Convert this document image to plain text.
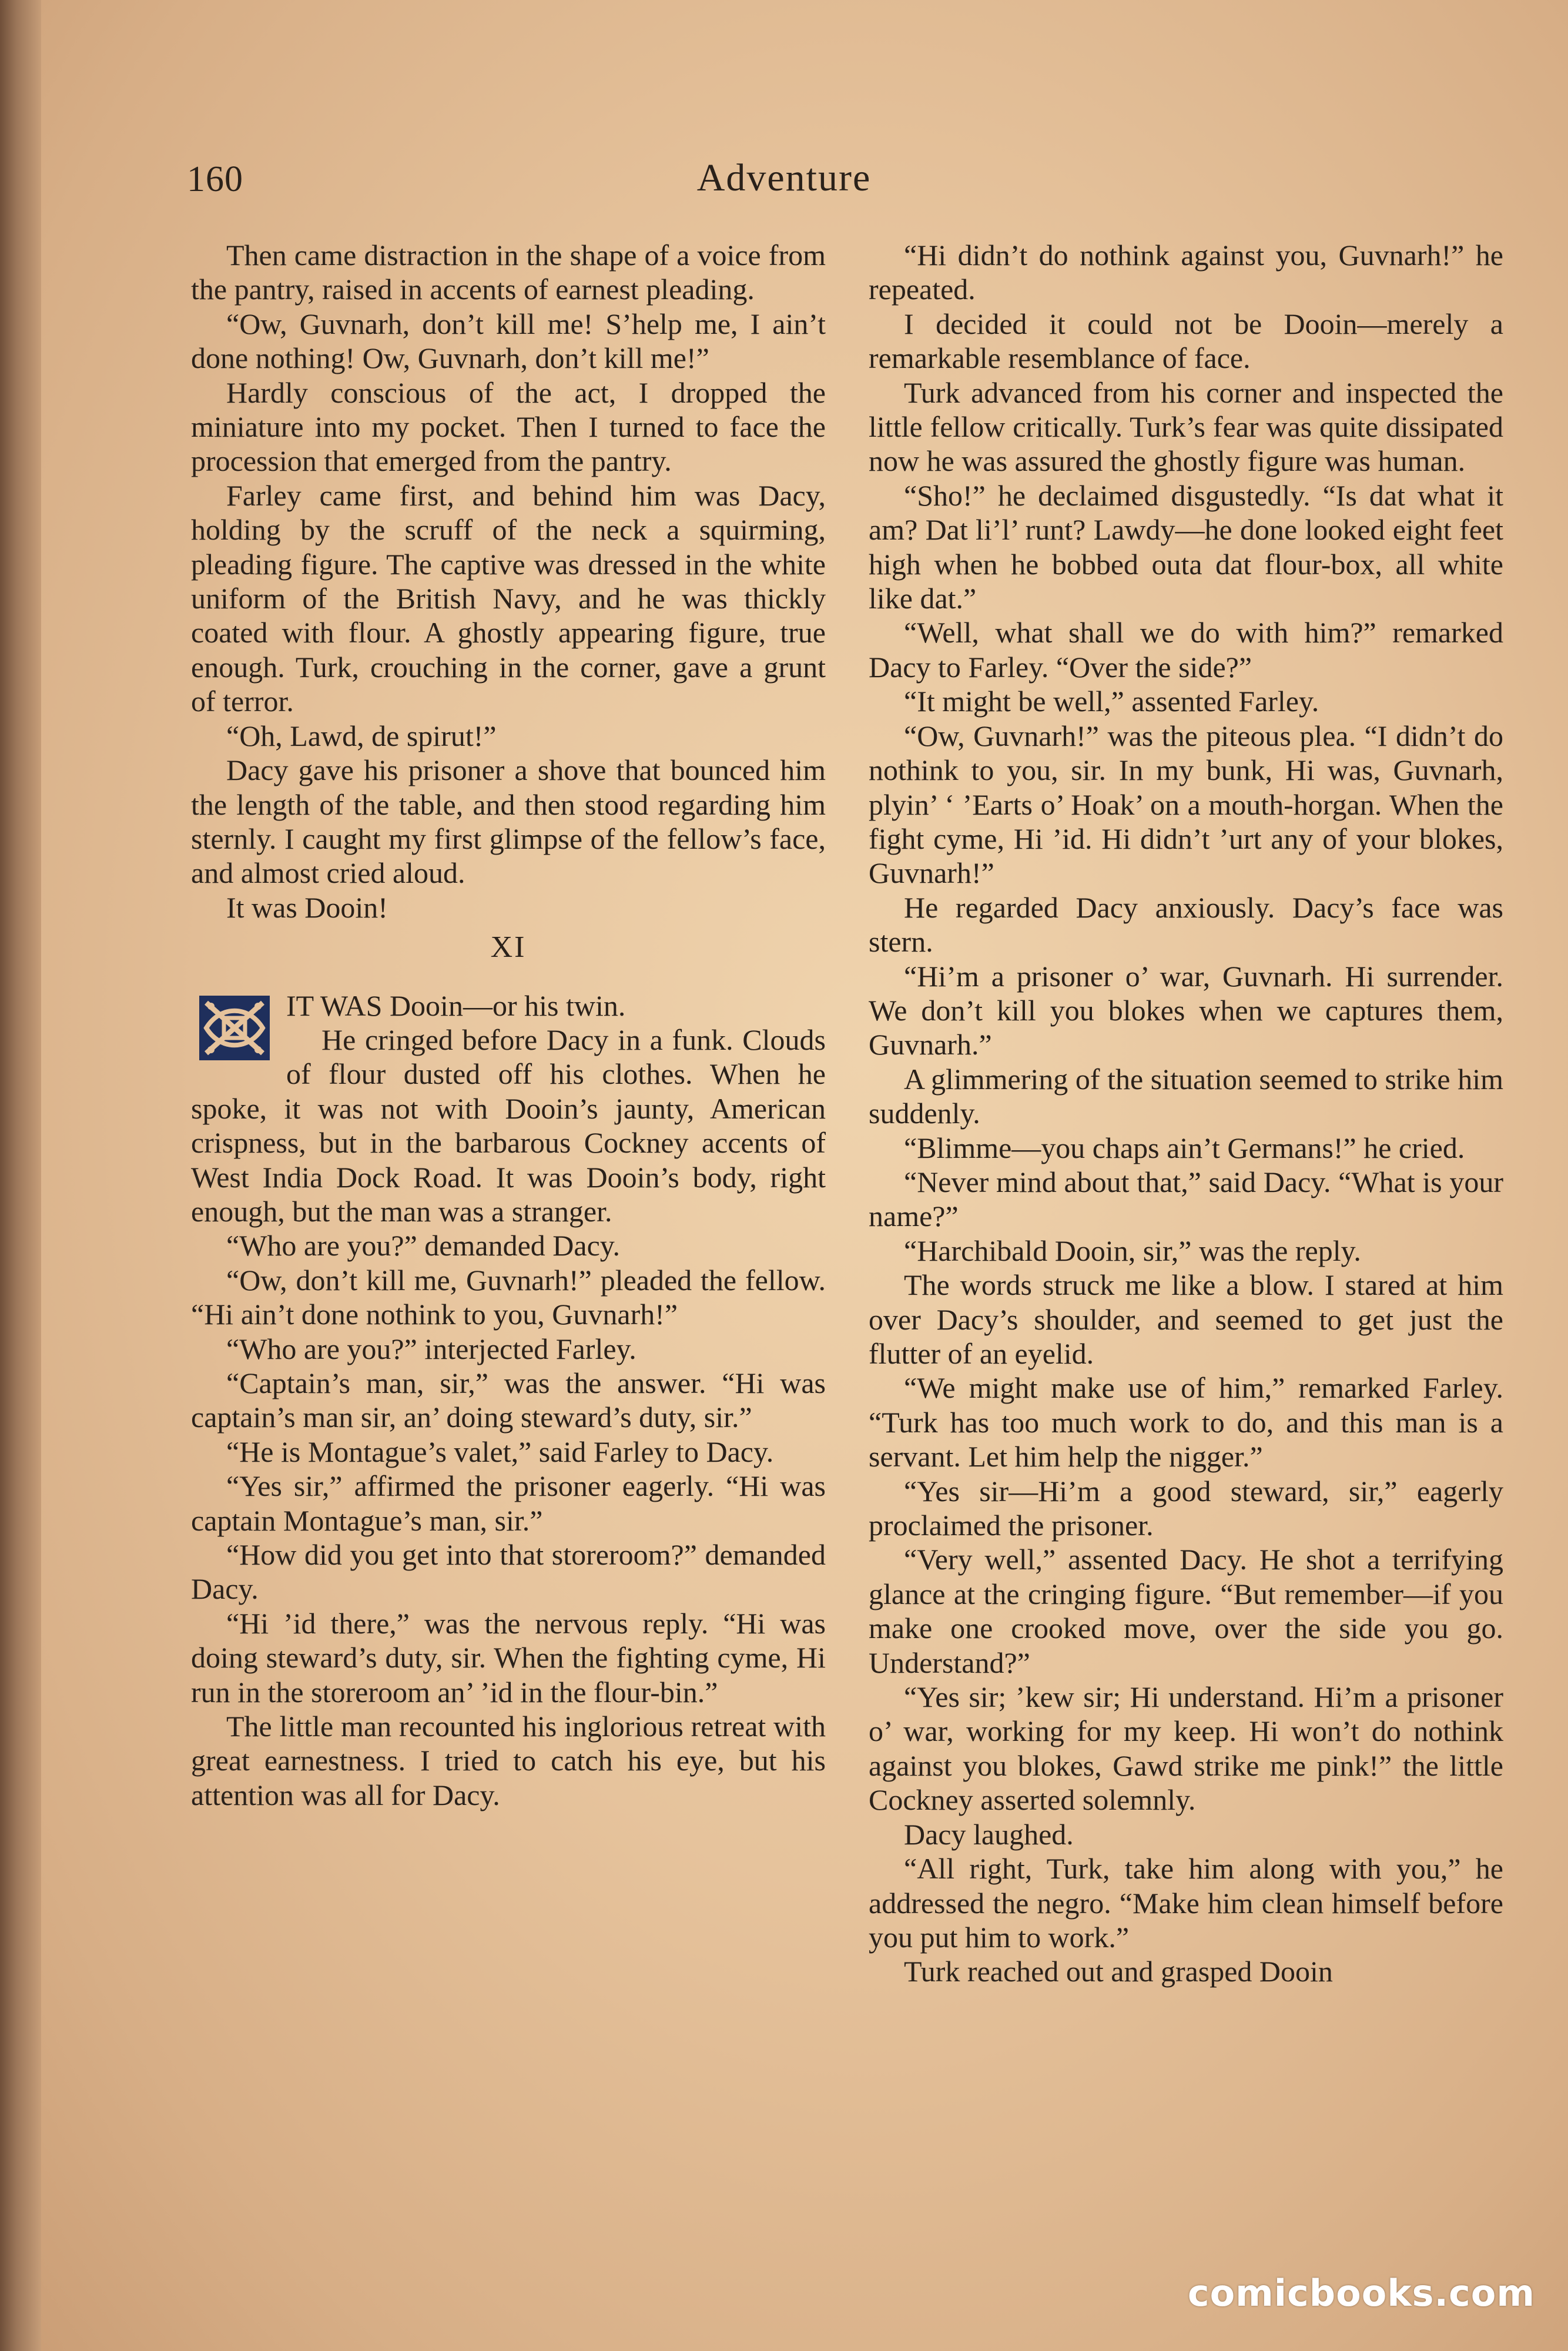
160	Adventure

Then came distraction in the shape of a voice from the pantry, raised in accents of earnest pleading.

“Ow, Guvnarh, don’t kill me! S’help me, I ain’t done nothing! Ow, Guvnarh, don’t kill me!”

Hardly conscious of the act, I dropped the miniature into my pocket. Then I turned to face the procession that emerged from the pantry.

Farley came first, and behind him was Dacy, holding by the scruff of the neck a squirming, pleading figure. The captive was dressed in the white uniform of the British Navy, and he was thickly coated with flour. A ghostly appearing figure, true enough. Turk, crouching in the corner, gave a grunt of terror.

“Oh, Lawd, de spirut!”

Dacy gave his prisoner a shove that bounced him the length of the table, and then stood regarding him sternly. I caught my first glimpse of the fellow’s face, and almost cried aloud.

It was Dooin!

XI

IT WAS Dooin—or his twin.

He cringed before Dacy in a funk. Clouds of flour dusted off his clothes. When he spoke, it was not with Dooin’s jaunty, American crispness, but in the barbarous Cockney accents of West India Dock Road. It was Dooin’s body, right enough, but the man was a stranger.

“Who are you?” demanded Dacy.

“Ow, don’t kill me, Guvnarh!” pleaded the fellow. “Hi ain’t done nothink to you, Guvnarh!”

“Who are you?” interjected Farley.

“Captain’s man, sir,” was the answer. “Hi was captain’s man sir, an’ doing steward’s duty, sir.”

“He is Montague’s valet,” said Farley to Dacy.

“Yes sir,” affirmed the prisoner eagerly. “Hi was captain Montague’s man, sir.”

“How did you get into that storeroom?” demanded Dacy.

“Hi ’id there,” was the nervous reply. “Hi was doing steward’s duty, sir. When the fighting cyme, Hi run in the storeroom an’ ’id in the flour-bin.”

The little man recounted his inglorious retreat with great earnestness. I tried to catch his eye, but his attention was all for Dacy.

“Hi didn’t do nothink against you, Guvnarh!” he repeated.

I decided it could not be Dooin—merely a remarkable resemblance of face.

Turk advanced from his corner and inspected the little fellow critically. Turk’s fear was quite dissipated now he was assured the ghostly figure was human.

“Sho!” he declaimed disgustedly. “Is dat what it am? Dat li’l’ runt? Lawdy—he done looked eight feet high when he bobbed outa dat flour-box, all white like dat.”

“Well, what shall we do with him?” remarked Dacy to Farley. “Over the side?”

“It might be well,” assented Farley.

“Ow, Guvnarh!” was the piteous plea. “I didn’t do nothink to you, sir. In my bunk, Hi was, Guvnarh, plyin’ ‘ ’Earts o’ Hoak’ on a mouth-horgan. When the fight cyme, Hi ’id. Hi didn’t ’urt any of your blokes, Guvnarh!”

He regarded Dacy anxiously. Dacy’s face was stern.

“Hi’m a prisoner o’ war, Guvnarh. Hi surrender. We don’t kill you blokes when we captures them, Guvnarh.”

A glimmering of the situation seemed to strike him suddenly.

“Blimme—you chaps ain’t Germans!” he cried.

“Never mind about that,” said Dacy. “What is your name?”

“Harchibald Dooin, sir,” was the reply.

The words struck me like a blow. I stared at him over Dacy’s shoulder, and seemed to get just the flutter of an eyelid.

“We might make use of him,” remarked Farley. “Turk has too much work to do, and this man is a servant. Let him help the nigger.”

“Yes sir—Hi’m a good steward, sir,” eagerly proclaimed the prisoner.

“Very well,” assented Dacy. He shot a terrifying glance at the cringing figure. “But remember—if you make one crooked move, over the side you go. Understand?”

“Yes sir; ’kew sir; Hi understand. Hi’m a prisoner o’ war, working for my keep. Hi won’t do nothink against you blokes, Gawd strike me pink!” the little Cockney asserted solemnly.

Dacy laughed.

“All right, Turk, take him along with you,” he addressed the negro. “Make him clean himself before you put him to work.”

Turk reached out and grasped Dooin

comicbooks.com
